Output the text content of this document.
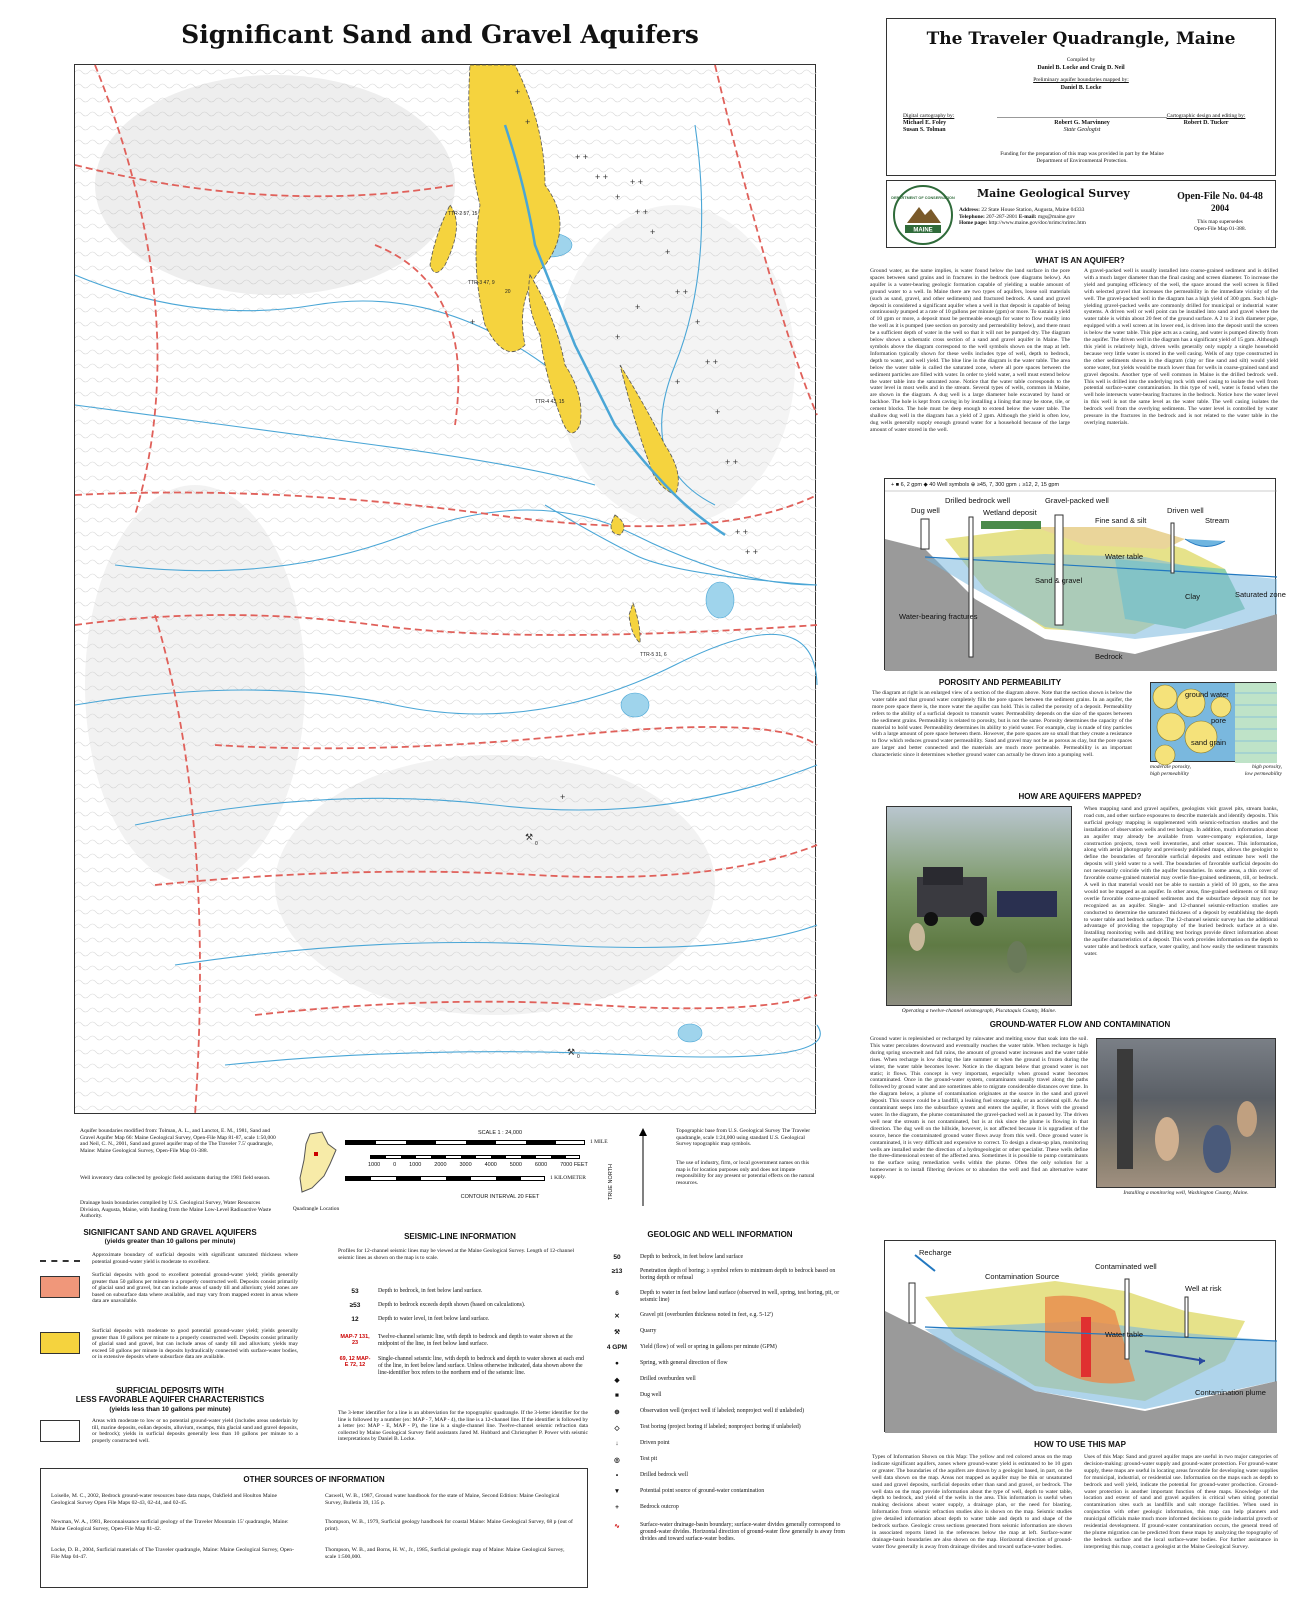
Significant Sand and Gravel Aquifers
+
+
+ +
+ +
+
+ +
+ +
+
+
+ +
+
+ +
+
+
+
+
+ +
+ +
+ +
+
+
⚒
⚒
TTR-2 57, 15
TTR-3 47, 9
TTR-4 43, 15
TTR-5 31, 6
20
0
0
Aquifer boundaries modified from: Tolman, A. L., and Lanctot, E. M., 1981, Sand and Gravel Aquifer Map 66: Maine Geological Survey, Open-File Map 81-87, scale 1:50,000 and Neil, C. N., 2001, Sand and gravel aquifer map of the The Traveler 7.5' quadrangle, Maine: Maine Geological Survey, Open-File Map 01-388.
Well inventory data collected by geologic field assistants during the 1981 field season.
Drainage basin boundaries compiled by U.S. Geological Survey, Water Resources Division, Augusta, Maine, with funding from the Maine Low-Level Radioactive Waste Authority.
Quadrangle Location
SCALE 1 : 24,000
1 MILE
1000 0 1000 2000 3000 4000 5000 6000 7000 FEET
1 KILOMETER
CONTOUR INTERVAL 20 FEET	TRUE NORTH
Topographic base from U.S. Geological Survey The Traveler quadrangle, scale 1:24,000 using standard U.S. Geological Survey topographic map symbols.
The use of industry, firm, or local government names on this map is for location purposes only and does not impute responsibility for any present or potential effects on the natural resources.
SIGNIFICANT SAND AND GRAVEL AQUIFERS
(yields greater than 10 gallons per minute)
Approximate boundary of surficial deposits with significant saturated thickness where potential ground-water yield is moderate to excellent.
Surficial deposits with good to excellent potential ground-water yield; yields generally greater than 50 gallons per minute to a properly constructed well. Deposits consist primarily of glacial sand and gravel, but can include areas of sandy till and alluvium; yield zones are based on subsurface data where available, and may vary from mapped extent in areas where data are unavailable.
Surficial deposits with moderate to good potential ground-water yield; yields generally greater than 10 gallons per minute to a properly constructed well. Deposits consist primarily of glacial sand and gravel, but can include areas of sandy till and alluvium; yields may exceed 50 gallons per minute in deposits hydraulically connected with surface-water bodies, or in extensive deposits where subsurface data are available.
SURFICIAL DEPOSITS WITH
LESS FAVORABLE AQUIFER CHARACTERISTICS
(yields less than 10 gallons per minute)
Areas with moderate to low or no potential ground-water yield (includes areas underlain by till, marine deposits, eolian deposits, alluvium, swamps, thin glacial sand and gravel deposits, or bedrock); yields in surficial deposits generally less than 10 gallons per minute to a properly constructed well.
SEISMIC-LINE INFORMATION
Profiles for 12-channel seismic lines may be viewed at the Maine Geological Survey. Length of 12-channel seismic lines as shown on the map is to scale.
53	Depth to bedrock, in feet below land surface.
≥53	Depth to bedrock exceeds depth shown (based on calculations).
12	Depth to water level, in feet below land surface.
MAP-7 131, 23
Twelve-channel seismic line, with depth to bedrock and depth to water shown at the midpoint of the line, in feet below land surface.
69, 12 MAP-E 72, 12
Single-channel seismic line, with depth to bedrock and depth to water shown at each end of the line, in feet below land surface. Unless otherwise indicated, data shown above the line-identifier box refers to the northern end of the seismic line.
The 3-letter identifier for a line is an abbreviation for the topographic quadrangle. If the 3-letter identifier for the line is followed by a number (ex: MAP - 7, MAP - 4), the line is a 12-channel line. If the identifier is followed by a letter (ex: MAP - E, MAP - P), the line is a single-channel line. Twelve-channel seismic refraction data collected by Maine Geological Survey field assistants Jared M. Hubbard and Christopher P. Power with seismic interpretations by Daniel B. Locke.
GEOLOGIC AND WELL INFORMATION
50	Depth to bedrock, in feet below land surface
≥13	Penetration depth of boring; ≥ symbol refers to minimum depth to bedrock based on boring depth or refusal
6	Depth to water in feet below land surface (observed in well, spring, test boring, pit, or seismic line)
✕	Gravel pit (overburden thickness noted in feet, e.g. 5-12')
⚒	Quarry
4 GPM	Yield (flow) of well or spring in gallons per minute (GPM)
●	Spring, with general direction of flow
◆	Drilled overburden well
■	Dug well
⊕	Observation well (project well if labeled; nonproject well if unlabeled)
◇	Test boring (project boring if labeled; nonproject boring if unlabeled)
↓	Driven point
◎	Test pit
•	Drilled bedrock well
▼	Potential point source of ground-water contamination
+	Bedrock outcrop
∿	Surface-water drainage-basin boundary; surface-water divides generally correspond to ground-water divides. Horizontal direction of ground-water flow generally is away from divides and toward surface-water bodies.
OTHER SOURCES OF INFORMATION
Loiselle, M. C., 2002, Bedrock ground-water resources base data maps, Oakfield and Houlton Maine Geological Survey Open File Maps 02-43, 02-44, and 02-45.
Newman, W. A., 1981, Reconnaissance surficial geology of the Traveler Mountain 15' quadrangle, Maine: Maine Geological Survey, Open-File Map 81-42.
Locke, D. B., 2004, Surficial materials of The Traveler quadrangle, Maine: Maine Geological Survey, Open-File Map 04-47.
Caswell, W. B., 1987, Ground water handbook for the state of Maine, Second Edition: Maine Geological Survey, Bulletin 39, 135 p.
Thompson, W. B., 1979, Surficial geology handbook for coastal Maine: Maine Geological Survey, 68 p (out of print).
Thompson, W. B., and Borns, H. W., Jr., 1985, Surficial geologic map of Maine: Maine Geological Survey, scale 1:500,000.
The Traveler Quadrangle, Maine
Compiled by
Daniel B. Locke and Craig D. Neil
Preliminary aquifer boundaries mapped by:
Daniel B. Locke
Digital cartography by:
Michael E. Foley
Susan S. Tolman
Robert G. Marvinney
State Geologist
Cartographic design and editing by:
Robert D. Tucker
Funding for the preparation of this map was provided in part by the Maine Department of Environmental Protection.
MAINE
DEPARTMENT OF CONSERVATION Maine Geological Survey
Address: 22 State House Station, Augusta, Maine 04333
Telephone: 207-287-2801 E-mail: mgs@maine.gov
Home page: http://www.maine.gov/doc/nrimc/nrimc.htm
Open-File No. 04-48
2004
This map supersedes
Open-File Map 01-388.
WHAT IS AN AQUIFER?
Ground water, as the name implies, is water found below the land surface in the pore spaces between sand grains and in fractures in the bedrock (see diagrams below). An aquifer is a water-bearing geologic formation capable of yielding a usable amount of ground water to a well. In Maine there are two types of aquifers, loose soil materials (such as sand, gravel, and other sediments) and fractured bedrock. A sand and gravel deposit is considered a significant aquifer when a well in that deposit is capable of being continuously pumped at a rate of 10 gallons per minute (gpm) or more. To sustain a yield of 10 gpm or more, a deposit must be permeable enough for water to flow readily into the well as it is pumped (see section on porosity and permeability below), and there must be a sufficient depth of water in the well so that it will not be pumped dry. The diagram below shows a schematic cross section of a sand and gravel aquifer in Maine. The symbols above the diagram correspond to the well symbols shown on the map at left. Information typically shown for these wells includes type of well, depth to bedrock, depth to water, and well yield. The blue line in the diagram is the water table. The area below the water table is called the saturated zone, where all pore spaces between the sediment particles are filled with water. In order to yield water, a well must extend below the water table into the saturated zone. Notice that the water table corresponds to the water level in most wells and in the stream. Several types of wells, common in Maine, are shown in the diagram. A dug well is a large diameter hole excavated by hand or backhoe. The hole is kept from caving in by installing a lining that may be stone, tile, or cement blocks. The hole must be deep enough to extend below the water table. The shallow dug well in the diagram has a yield of 2 gpm. Although the yield is often low, dug wells generally supply enough ground water for a household because of the large amount of water stored in the well.
A gravel-packed well is usually installed into coarse-grained sediment and is drilled with a much larger diameter than the final casing and screen diameter. To increase the yield and pumping efficiency of the well, the space around the well screen is filled with selected gravel that increases the permeability in the immediate vicinity of the well. The gravel-packed well in the diagram has a high yield of 300 gpm. Such high-yielding gravel-packed wells are commonly drilled for municipal or industrial water systems. A driven well or well point can be installed into sand and gravel where the water table is within about 20 feet of the ground surface. A 2 to 3 inch diameter pipe, equipped with a well screen at its lower end, is driven into the deposit until the screen is below the water table. This pipe acts as a casing, and water is pumped directly from the aquifer. The driven well in the diagram has a significant yield of 15 gpm. Although this yield is relatively high, driven wells generally only supply a single household because very little water is stored in the well casing. Wells of any type constructed in the other sediments shown in the diagram (clay or fine sand and silt) would yield some water, but yields would be much lower than for wells in coarse-grained sand and gravel deposits. Another type of well common in Maine is the drilled bedrock well. This well is drilled into the underlying rock with steel casing to isolate the well from potential surface-water contamination. In this type of well, water is found when the well hole intersects water-bearing fractures in the bedrock. Notice how the water level in this well is not the same level as the water table. The well casing isolates the bedrock well from the overlying sediments. The water level is controlled by water pressure in the fractures in the bedrock and is not related to the water table in the overlying materials.
+ ■ 6, 2 gpm ◆ 40 Well symbols ⊕ ≥45, 7, 300 gpm ↓ ≥12, 2, 15 gpm
Dug well
Drilled bedrock well	Gravel-packed well
Driven well
Wetland deposit
Fine sand & silt	Stream
Water table
Sand & gravel
Clay	Saturated zone
Water-bearing fractures
Bedrock
POROSITY AND PERMEABILITY
The diagram at right is an enlarged view of a section of the diagram above. Note that the section shown is below the water table and that ground water completely fills the pore spaces between the sediment grains. In an aquifer, the more pore space there is, the more water the aquifer can hold. This is called the porosity of a deposit. Permeability refers to the ability of a surficial deposit to transmit water. Permeability depends on the size of the spaces between the sediment grains. Permeability is related to porosity, but is not the same. Porosity determines the capacity of the material to hold water. Permeability determines its ability to yield water. For example, clay is made of tiny particles with a large amount of pore space between them. However, the pore spaces are so small that they create a resistance to flow which reduces ground water permeability. Sand and gravel may not be as porous as clay, but the pore spaces are larger and better connected and the materials are much more permeable. Permeability is an important characteristic since it determines whether ground water can actually be drawn into a pumping well.
ground water
pore
sand grain
moderate porosity,
high permeability
high porosity,
low permeability
HOW ARE AQUIFERS MAPPED?
Operating a twelve-channel seismograph, Piscataquis County, Maine.
When mapping sand and gravel aquifers, geologists visit gravel pits, stream banks, road cuts, and other surface exposures to describe materials and identify deposits. This surficial geology mapping is supplemented with seismic-refraction studies and the installation of observation wells and test borings. In addition, much information about an aquifer may already be available from water-company exploration, large construction projects, town well inventories, and other sources. This information, along with aerial photography and previously published maps, allows the geologist to define the boundaries of favorable surficial deposits and estimate how well the deposits will yield water to a well. The boundaries of favorable surficial deposits do not necessarily coincide with the aquifer boundaries. In some areas, a thin cover of favorable coarse-grained material may overlie fine-grained sediments, till, or bedrock. A well in that material would not be able to sustain a yield of 10 gpm, so the area would not be mapped as an aquifer. In other areas, fine-grained sediments or till may overlie favorable coarse-grained sediments and the subsurface deposit may not be recognized as an aquifer. Single- and 12-channel seismic-refraction studies are conducted to determine the saturated thickness of a deposit by establishing the depth to water table and bedrock surface. The 12-channel seismic survey has the additional advantage of providing the topography of the buried bedrock surface at a site. Installing monitoring wells and drilling test borings provide direct information about the aquifer characteristics of a deposit. This work provides information on the depth to water table and bedrock surface, water quality, and how easily the sediment transmits water.
GROUND-WATER FLOW AND CONTAMINATION
Ground water is replenished or recharged by rainwater and melting snow that soak into the soil. This water percolates downward and eventually reaches the water table. When recharge is high during spring snowmelt and fall rains, the amount of ground water increases and the water table rises. When recharge is low during the late summer or when the ground is frozen during the winter, the water table becomes lower. Notice in the diagram below that ground water is not static; it flows. This concept is very important, especially when ground water becomes contaminated. Once in the ground-water system, contaminants usually travel along the paths followed by ground water and are sometimes able to migrate considerable distances over time. In the diagram below, a plume of contamination originates at the source in the sand and gravel deposit. This source could be a landfill, a leaking fuel storage tank, or an accidental spill. As the contaminant seeps into the subsurface system and enters the aquifer, it flows with the ground water. In the diagram, the plume contaminated the gravel-packed well as it passed by. The driven well near the stream is not contaminated, but is at risk since the plume is flowing in that direction. The dug well on the hillside, however, is not affected because it is upgradient of the source, hence the contaminated ground water flows away from this well. Once ground water is contaminated, it is very difficult and expensive to correct. To design a clean-up plan, monitoring wells are installed under the direction of a hydrogeologist or other specialist. These wells define the three-dimensional extent of the affected area. Sometimes it is possible to pump contaminants to the surface using remediation wells within the plume. Often the only solution for a homeowner is to install filtering devices or to abandon the well and find an alternative water supply.
Installing a monitoring well, Washington County, Maine.
Recharge
Contamination Source
Contaminated well
Well at risk
Water table
Contamination plume
HOW TO USE THIS MAP
Types of Information Shown on this Map: The yellow and red colored areas on the map indicate significant aquifers, zones where ground-water yield is estimated to be 10 gpm or greater. The boundaries of the aquifers are drawn by a geologist based, in part, on the well data shown on the map. Areas not mapped as aquifer may be thin or unsaturated sand and gravel deposits, surficial deposits other than sand and gravel, or bedrock. The well data on the map provide information about the type of well, depth to water table, depth to bedrock, and yield of the wells in the area. This information is useful when making decisions about water supply, a drainage plan, or the need for blasting. Information from seismic refraction studies also is shown on the map. Seismic studies give detailed information about depth to water table and depth to and shape of the bedrock surface. Geologic cross sections generated from seismic information are shown in associated reports listed in the references below the map at left. Surface-water drainage-basin boundaries are also shown on the map. Horizontal direction of ground-water flow generally is away from drainage divides and toward surface-water bodies.
Uses of this Map: Sand and gravel aquifer maps are useful in two major categories of decision-making: ground-water supply and ground-water protection. For ground-water supply, these maps are useful in locating areas favorable for developing water supplies for municipal, industrial, or residential use. Information on the maps such as depth to bedrock and well yield, indicate the potential for ground-water production. Ground-water protection is another important function of these maps. Knowledge of the location and extent of sand and gravel aquifers is critical when siting potential contamination sites such as landfills and salt storage facilities. When used in conjunction with other geologic information, this map can help planners and municipal officials make much more informed decisions to guide industrial growth or residential development. If ground-water contamination occurs, the general trend of the plume migration can be predicted from these maps by analyzing the topography of the bedrock surface and the local surface-water bodies. For further assistance in interpreting this map, contact a geologist at the Maine Geological Survey.
